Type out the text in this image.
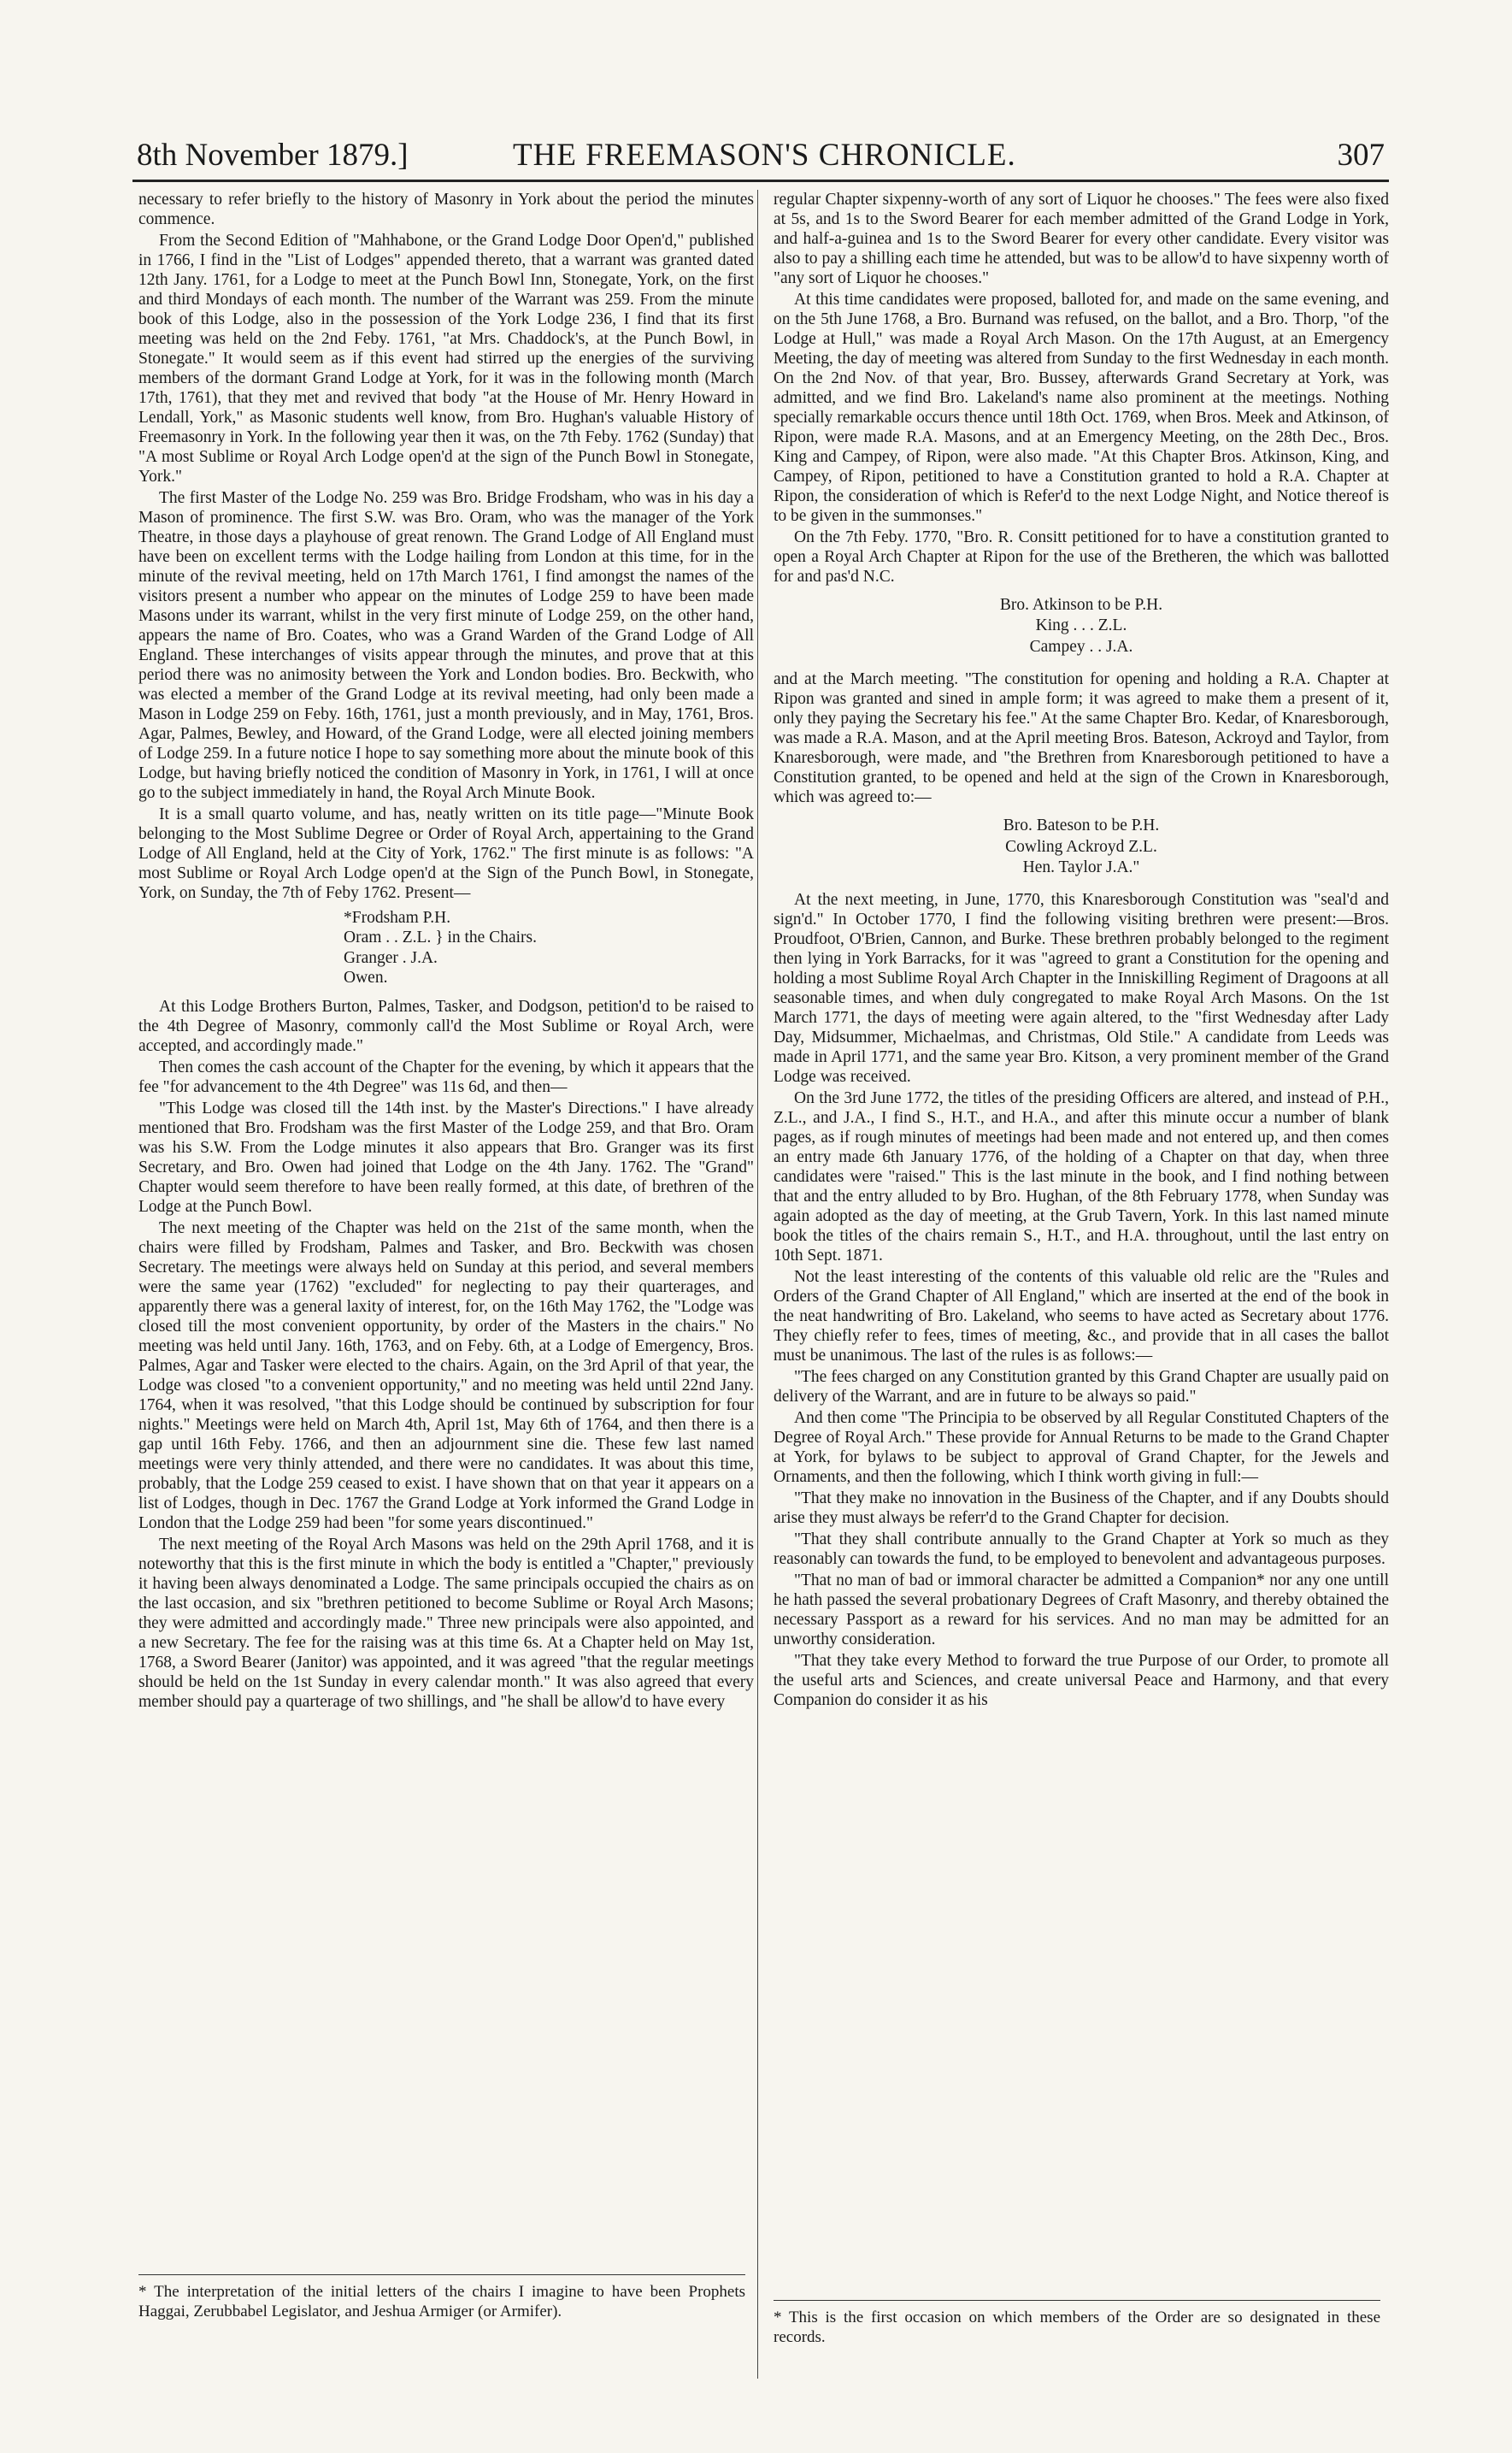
8th November 1879.]	THE FREEMASON'S CHRONICLE.	307

necessary to refer briefly to the history of Masonry in York about the period the minutes commence.

From the Second Edition of "Mahhabone, or the Grand Lodge Door Open'd," published in 1766, I find in the "List of Lodges" appended thereto, that a warrant was granted dated 12th Jany. 1761, for a Lodge to meet at the Punch Bowl Inn, Stonegate, York, on the first and third Mondays of each month. The number of the Warrant was 259. From the minute book of this Lodge, also in the possession of the York Lodge 236, I find that its first meeting was held on the 2nd Feby. 1761, "at Mrs. Chaddock's, at the Punch Bowl, in Stonegate." It would seem as if this event had stirred up the energies of the surviving members of the dormant Grand Lodge at York, for it was in the following month (March 17th, 1761), that they met and revived that body "at the House of Mr. Henry Howard in Lendall, York," as Masonic students well know, from Bro. Hughan's valuable History of Freemasonry in York. In the following year then it was, on the 7th Feby. 1762 (Sunday) that "A most Sublime or Royal Arch Lodge open'd at the sign of the Punch Bowl in Stonegate, York."

The first Master of the Lodge No. 259 was Bro. Bridge Frodsham, who was in his day a Mason of prominence. The first S.W. was Bro. Oram, who was the manager of the York Theatre, in those days a playhouse of great renown. The Grand Lodge of All England must have been on excellent terms with the Lodge hailing from London at this time, for in the minute of the revival meeting, held on 17th March 1761, I find amongst the names of the visitors present a number who appear on the minutes of Lodge 259 to have been made Masons under its warrant, whilst in the very first minute of Lodge 259, on the other hand, appears the name of Bro. Coates, who was a Grand Warden of the Grand Lodge of All England. These interchanges of visits appear through the minutes, and prove that at this period there was no animosity between the York and London bodies. Bro. Beckwith, who was elected a member of the Grand Lodge at its revival meeting, had only been made a Mason in Lodge 259 on Feby. 16th, 1761, just a month previously, and in May, 1761, Bros. Agar, Palmes, Bewley, and Howard, of the Grand Lodge, were all elected joining members of Lodge 259. In a future notice I hope to say something more about the minute book of this Lodge, but having briefly noticed the condition of Masonry in York, in 1761, I will at once go to the subject immediately in hand, the Royal Arch Minute Book.

It is a small quarto volume, and has, neatly written on its title page—"Minute Book belonging to the Most Sublime Degree or Order of Royal Arch, appertaining to the Grand Lodge of All England, held at the City of York, 1762." The first minute is as follows: "A most Sublime or Royal Arch Lodge open'd at the Sign of the Punch Bowl, in Stonegate, York, on Sunday, the 7th of Feby 1762. Present—

*Frodsham P.H.
Oram . . Z.L. } in the Chairs.
Granger . J.A.
Owen.

At this Lodge Brothers Burton, Palmes, Tasker, and Dodgson, petition'd to be raised to the 4th Degree of Masonry, commonly call'd the Most Sublime or Royal Arch, were accepted, and accordingly made."

Then comes the cash account of the Chapter for the evening, by which it appears that the fee "for advancement to the 4th Degree" was 11s 6d, and then—

"This Lodge was closed till the 14th inst. by the Master's Directions." I have already mentioned that Bro. Frodsham was the first Master of the Lodge 259, and that Bro. Oram was his S.W. From the Lodge minutes it also appears that Bro. Granger was its first Secretary, and Bro. Owen had joined that Lodge on the 4th Jany. 1762. The "Grand" Chapter would seem therefore to have been really formed, at this date, of brethren of the Lodge at the Punch Bowl.

The next meeting of the Chapter was held on the 21st of the same month, when the chairs were filled by Frodsham, Palmes and Tasker, and Bro. Beckwith was chosen Secretary. The meetings were always held on Sunday at this period, and several members were the same year (1762) "excluded" for neglecting to pay their quarterages, and apparently there was a general laxity of interest, for, on the 16th May 1762, the "Lodge was closed till the most convenient opportunity, by order of the Masters in the chairs." No meeting was held until Jany. 16th, 1763, and on Feby. 6th, at a Lodge of Emergency, Bros. Palmes, Agar and Tasker were elected to the chairs. Again, on the 3rd April of that year, the Lodge was closed "to a convenient opportunity," and no meeting was held until 22nd Jany. 1764, when it was resolved, "that this Lodge should be continued by subscription for four nights." Meetings were held on March 4th, April 1st, May 6th of 1764, and then there is a gap until 16th Feby. 1766, and then an adjournment sine die. These few last named meetings were very thinly attended, and there were no candidates. It was about this time, probably, that the Lodge 259 ceased to exist. I have shown that on that year it appears on a list of Lodges, though in Dec. 1767 the Grand Lodge at York informed the Grand Lodge in London that the Lodge 259 had been "for some years discontinued."

The next meeting of the Royal Arch Masons was held on the 29th April 1768, and it is noteworthy that this is the first minute in which the body is entitled a "Chapter," previously it having been always denominated a Lodge. The same principals occupied the chairs as on the last occasion, and six "brethren petitioned to become Sublime or Royal Arch Masons; they were admitted and accordingly made." Three new principals were also appointed, and a new Secretary. The fee for the raising was at this time 6s. At a Chapter held on May 1st, 1768, a Sword Bearer (Janitor) was appointed, and it was agreed "that the regular meetings should be held on the 1st Sunday in every calendar month." It was also agreed that every member should pay a quarterage of two shillings, and "he shall be allow'd to have every

regular Chapter sixpenny-worth of any sort of Liquor he chooses." The fees were also fixed at 5s, and 1s to the Sword Bearer for each member admitted of the Grand Lodge in York, and half-a-guinea and 1s to the Sword Bearer for every other candidate. Every visitor was also to pay a shilling each time he attended, but was to be allow'd to have sixpenny worth of "any sort of Liquor he chooses."

At this time candidates were proposed, balloted for, and made on the same evening, and on the 5th June 1768, a Bro. Burnand was refused, on the ballot, and a Bro. Thorp, "of the Lodge at Hull," was made a Royal Arch Mason. On the 17th August, at an Emergency Meeting, the day of meeting was altered from Sunday to the first Wednesday in each month. On the 2nd Nov. of that year, Bro. Bussey, afterwards Grand Secretary at York, was admitted, and we find Bro. Lakeland's name also prominent at the meetings. Nothing specially remarkable occurs thence until 18th Oct. 1769, when Bros. Meek and Atkinson, of Ripon, were made R.A. Masons, and at an Emergency Meeting, on the 28th Dec., Bros. King and Campey, of Ripon, were also made. "At this Chapter Bros. Atkinson, King, and Campey, of Ripon, petitioned to have a Constitution granted to hold a R.A. Chapter at Ripon, the consideration of which is Refer'd to the next Lodge Night, and Notice thereof is to be given in the summonses."

On the 7th Feby. 1770, "Bro. R. Consitt petitioned for to have a constitution granted to open a Royal Arch Chapter at Ripon for the use of the Bretheren, the which was ballotted for and pas'd N.C.

Bro. Atkinson to be P.H.
King . . . Z.L.
Campey . . J.A.

and at the March meeting. "The constitution for opening and holding a R.A. Chapter at Ripon was granted and sined in ample form; it was agreed to make them a present of it, only they paying the Secretary his fee." At the same Chapter Bro. Kedar, of Knaresborough, was made a R.A. Mason, and at the April meeting Bros. Bateson, Ackroyd and Taylor, from Knaresborough, were made, and "the Brethren from Knaresborough petitioned to have a Constitution granted, to be opened and held at the sign of the Crown in Knaresborough, which was agreed to:—

Bro. Bateson to be P.H.
Cowling Ackroyd Z.L.
Hen. Taylor J.A."

At the next meeting, in June, 1770, this Knaresborough Constitution was "seal'd and sign'd." In October 1770, I find the following visiting brethren were present:—Bros. Proudfoot, O'Brien, Cannon, and Burke. These brethren probably belonged to the regiment then lying in York Barracks, for it was "agreed to grant a Constitution for the opening and holding a most Sublime Royal Arch Chapter in the Inniskilling Regiment of Dragoons at all seasonable times, and when duly congregated to make Royal Arch Masons. On the 1st March 1771, the days of meeting were again altered, to the "first Wednesday after Lady Day, Midsummer, Michaelmas, and Christmas, Old Stile." A candidate from Leeds was made in April 1771, and the same year Bro. Kitson, a very prominent member of the Grand Lodge was received.

On the 3rd June 1772, the titles of the presiding Officers are altered, and instead of P.H., Z.L., and J.A., I find S., H.T., and H.A., and after this minute occur a number of blank pages, as if rough minutes of meetings had been made and not entered up, and then comes an entry made 6th January 1776, of the holding of a Chapter on that day, when three candidates were "raised." This is the last minute in the book, and I find nothing between that and the entry alluded to by Bro. Hughan, of the 8th February 1778, when Sunday was again adopted as the day of meeting, at the Grub Tavern, York. In this last named minute book the titles of the chairs remain S., H.T., and H.A. throughout, until the last entry on 10th Sept. 1871.

Not the least interesting of the contents of this valuable old relic are the "Rules and Orders of the Grand Chapter of All England," which are inserted at the end of the book in the neat handwriting of Bro. Lakeland, who seems to have acted as Secretary about 1776. They chiefly refer to fees, times of meeting, &c., and provide that in all cases the ballot must be unanimous. The last of the rules is as follows:—

"The fees charged on any Constitution granted by this Grand Chapter are usually paid on delivery of the Warrant, and are in future to be always so paid."

And then come "The Principia to be observed by all Regular Constituted Chapters of the Degree of Royal Arch." These provide for Annual Returns to be made to the Grand Chapter at York, for bylaws to be subject to approval of Grand Chapter, for the Jewels and Ornaments, and then the following, which I think worth giving in full:—

"That they make no innovation in the Business of the Chapter, and if any Doubts should arise they must always be referr'd to the Grand Chapter for decision.

"That they shall contribute annually to the Grand Chapter at York so much as they reasonably can towards the fund, to be employed to benevolent and advantageous purposes.

"That no man of bad or immoral character be admitted a Companion* nor any one untill he hath passed the several probationary Degrees of Craft Masonry, and thereby obtained the necessary Passport as a reward for his services. And no man may be admitted for an unworthy consideration.

"That they take every Method to forward the true Purpose of our Order, to promote all the useful arts and Sciences, and create universal Peace and Harmony, and that every Companion do consider it as his

* The interpretation of the initial letters of the chairs I imagine to have been Prophets Haggai, Zerubbabel Legislator, and Jeshua Armiger (or Armifer).	* This is the first occasion on which members of the Order are so designated in these records.
